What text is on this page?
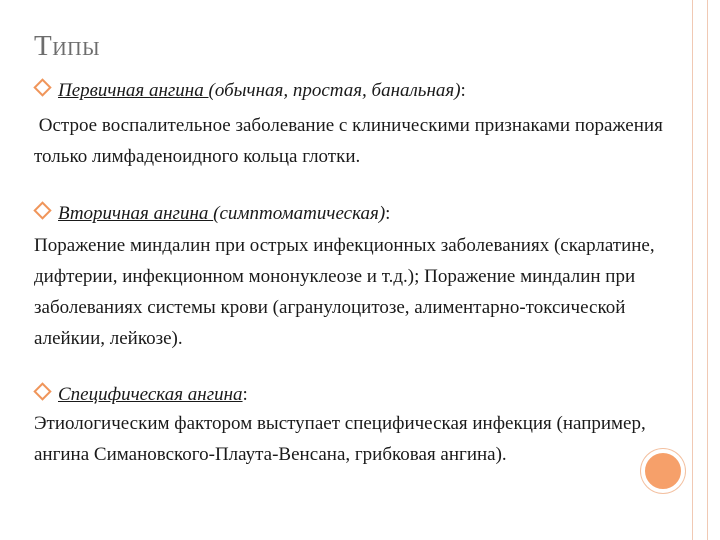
Типы
Первичная ангина (обычная, простая, банальная):
Острое воспалительное заболевание с клиническими признаками поражения только лимфаденоидного кольца глотки.
Вторичная ангина (симптоматическая):
Поражение миндалин при острых инфекционных заболеваниях (скарлатине, дифтерии, инфекционном мононуклеозе и т.д.); Поражение миндалин при заболеваниях системы крови (агранулоцитозе, алиментарно-токсической алейкии, лейкозе).
Специфическая ангина:
Этиологическим фактором выступает специфическая инфекция (например, ангина Симановского-Плаута-Венсана, грибковая ангина).
